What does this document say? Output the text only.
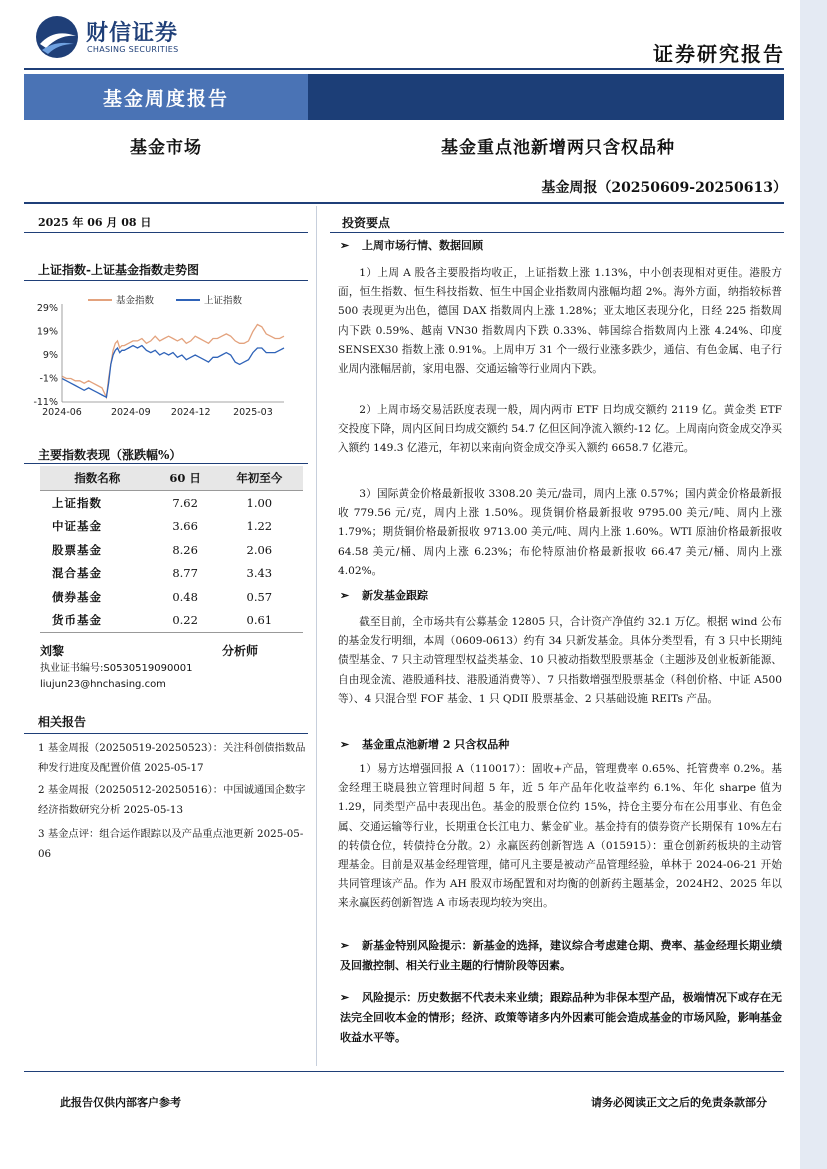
财信证券
CHASING SECURITIES	证券研究报告
基金周度报告
基金市场	基金重点池新增两只含权品种
基金周报（20250609-20250613）
2025 年 06 月 08 日
上证指数-上证基金指数走势图
基金指数	上证指数
29%
19%
9%
-1%
-11%
2024-06	2024-09 2024-12 2025-03
主要指数表现（涨跌幅%）
指数名称	60 日	年初至今
上证指数	7.62	1.00
中证基金	3.66	1.22
股票基金	8.26	2.06
混合基金	8.77	3.43
债券基金	0.48	0.57
货币基金	0.22	0.61
刘黎	分析师
执业证书编号:S0530519090001
liujun23@hnchasing.com
相关报告
1 基金周报（20250519-20250523）：关注科创债指数品种发行进度及配置价值 2025-05-17
2 基金周报（20250512-20250516）：中国诚通国企数字经济指数研究分析 2025-05-13
3 基金点评：组合运作跟踪以及产品重点池更新 2025-05-06
投资要点
➢ 上周市场行情、数据回顾
1）上周 A 股各主要股指均收正，上证指数上涨 1.13%，中小创表现相对更佳。港股方面，恒生指数、恒生科技指数、恒生中国企业指数周内涨幅均超 2%。海外方面，纳指较标普 500 表现更为出色，德国 DAX 指数周内上涨 1.28%；亚太地区表现分化，日经 225 指数周内下跌 0.59%、越南 VN30 指数周内下跌 0.33%、韩国综合指数周内上涨 4.24%、印度 SENSEX30 指数上涨 0.91%。上周申万 31 个一级行业涨多跌少，通信、有色金属、电子行业周内涨幅居前，家用电器、交通运输等行业周内下跌。
2）上周市场交易活跃度表现一般，周内两市 ETF 日均成交额约 2119 亿。黄金类 ETF 交投度下降，周内区间日均成交额约 54.7 亿但区间净流入额约-12 亿。上周南向资金成交净买入额约 149.3 亿港元，年初以来南向资金成交净买入额约 6658.7 亿港元。
3）国际黄金价格最新报收 3308.20 美元/盎司，周内上涨 0.57%；国内黄金价格最新报收 779.56 元/克，周内上涨 1.50%。现货铜价格最新报收 9795.00 美元/吨、周内上涨 1.79%；期货铜价格最新报收 9713.00 美元/吨、周内上涨 1.60%。WTI 原油价格最新报收 64.58 美元/桶、周内上涨 6.23%；布伦特原油价格最新报收 66.47 美元/桶、周内上涨 4.02%。
➢ 新发基金跟踪
截至目前，全市场共有公募基金 12805 只，合计资产净值约 32.1 万亿。根据 wind 公布的基金发行明细，本周（0609-0613）约有 34 只新发基金。具体分类型看，有 3 只中长期纯债型基金、7 只主动管理型权益类基金、10 只被动指数型股票基金（主题涉及创业板新能源、自由现金流、港股通科技、港股通消费等）、7 只指数增强型股票基金（科创价格、中证 A500 等）、4 只混合型 FOF 基金、1 只 QDII 股票基金、2 只基础设施 REITs 产品。
➢ 基金重点池新增 2 只含权品种
1）易方达增强回报 A（110017）：固收+产品，管理费率 0.65%、托管费率 0.2%。基金经理王晓晨独立管理时间超 5 年，近 5 年产品年化收益率约 6.1%、年化 sharpe 值为 1.29，同类型产品中表现出色。基金的股票仓位约 15%，持仓主要分布在公用事业、有色金属、交通运输等行业，长期重仓长江电力、紫金矿业。基金持有的债券资产长期保有 10%左右的转债仓位，转债持仓分散。2）永赢医药创新智选 A（015915）：重仓创新药板块的主动管理基金。目前是双基金经理管理，储可凡主要是被动产品管理经验，单林于 2024-06-21 开始共同管理该产品。作为 AH 股双市场配置和对均衡的创新药主题基金，2024H2、2025 年以来永赢医药创新智选 A 市场表现均较为突出。
➢ 新基金特别风险提示：新基金的选择，建议综合考虑建仓期、费率、基金经理长期业绩及回撤控制、相关行业主题的行情阶段等因素。
➢ 风险提示：历史数据不代表未来业绩；跟踪品种为非保本型产品，极端情况下或存在无法完全回收本金的情形；经济、政策等诸多内外因素可能会造成基金的市场风险，影响基金收益水平等。
此报告仅供内部客户参考	请务必阅读正文之后的免责条款部分
